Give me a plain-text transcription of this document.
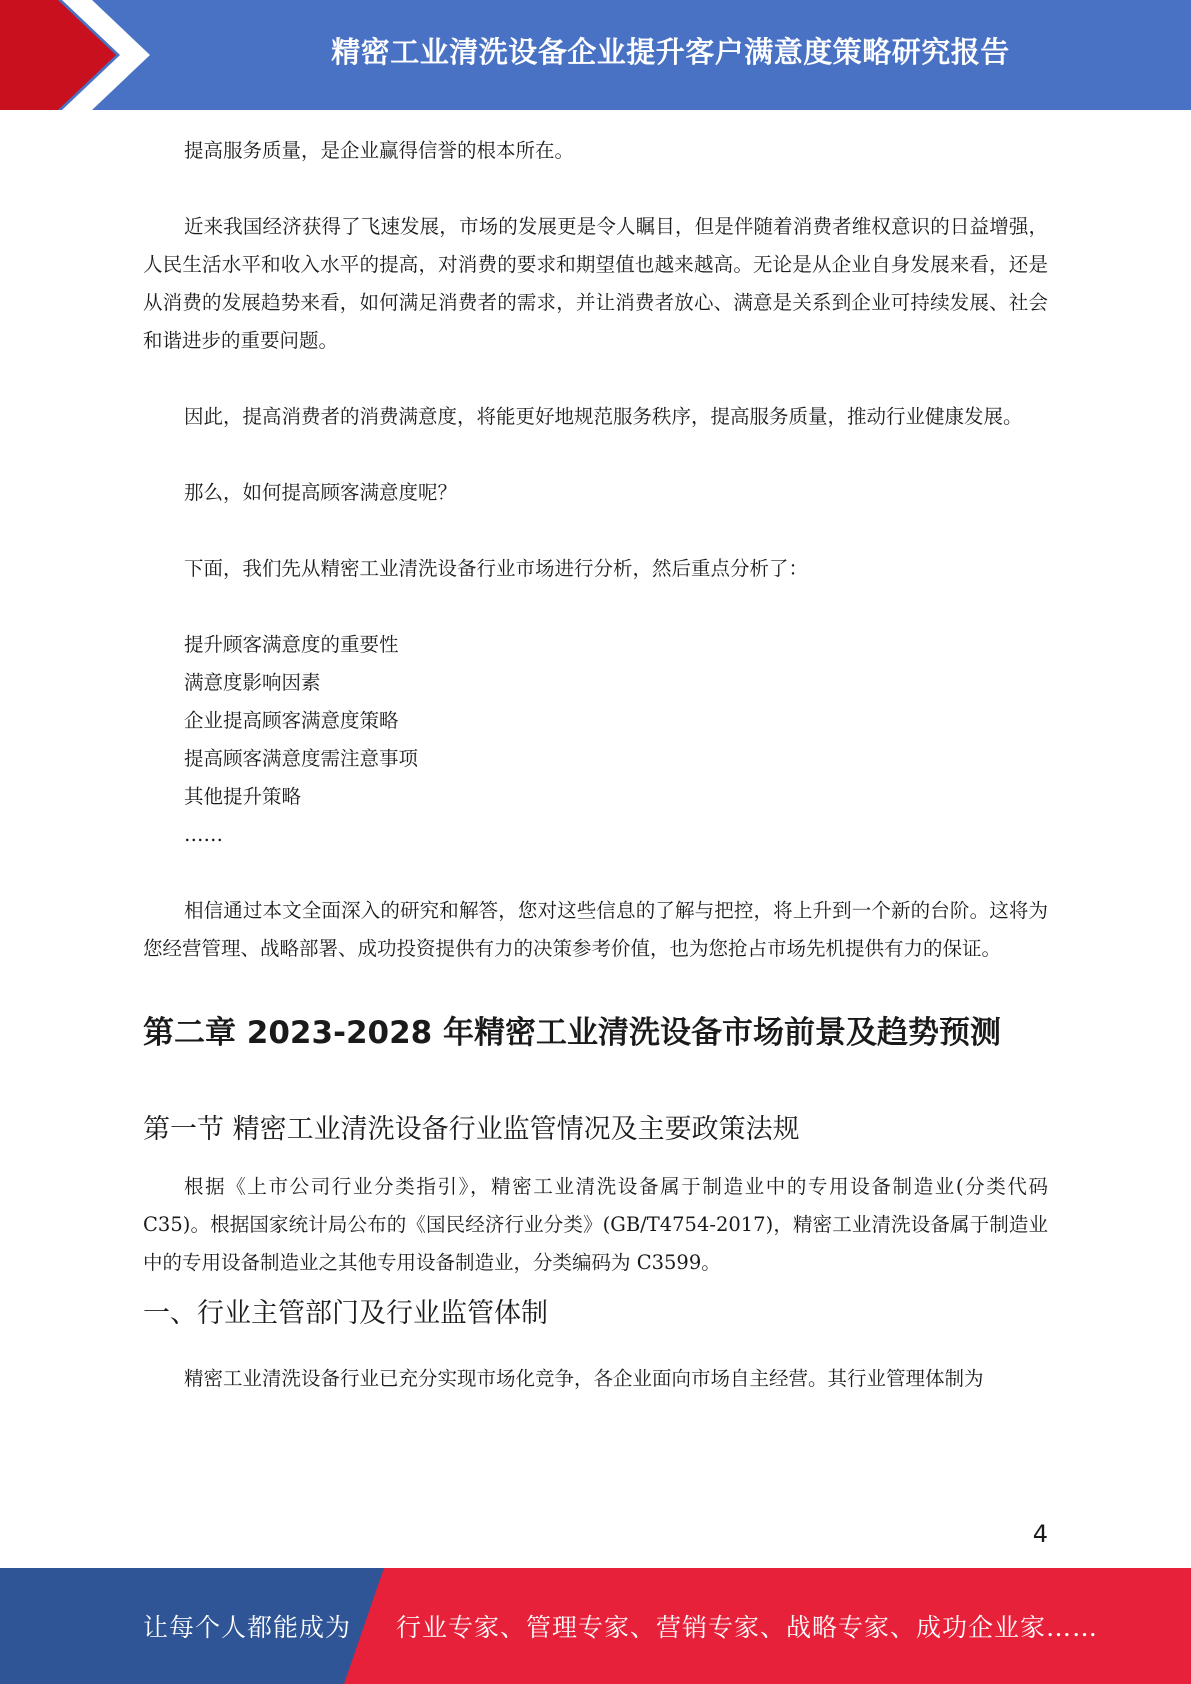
精密工业清洗设备企业提升客户满意度策略研究报告

提高服务质量，是企业赢得信誉的根本所在。

近来我国经济获得了飞速发展，市场的发展更是令人瞩目，但是伴随着消费者维权意识的日益增强，人民生活水平和收入水平的提高，对消费的要求和期望值也越来越高。无论是从企业自身发展来看，还是从消费的发展趋势来看，如何满足消费者的需求，并让消费者放心、满意是关系到企业可持续发展、社会和谐进步的重要问题。

因此，提高消费者的消费满意度，将能更好地规范服务秩序，提高服务质量，推动行业健康发展。

那么，如何提高顾客满意度呢？

下面，我们先从精密工业清洗设备行业市场进行分析，然后重点分析了：

提升顾客满意度的重要性

满意度影响因素

企业提高顾客满意度策略

提高顾客满意度需注意事项

其他提升策略

……

相信通过本文全面深入的研究和解答，您对这些信息的了解与把控，将上升到一个新的台阶。这将为您经营管理、战略部署、成功投资提供有力的决策参考价值，也为您抢占市场先机提供有力的保证。

第二章 2023-2028 年精密工业清洗设备市场前景及趋势预测
第一节 精密工业清洗设备行业监管情况及主要政策法规

根据《上市公司行业分类指引》，精密工业清洗设备属于制造业中的专用设备制造业(分类代码 C35)。根据国家统计局公布的《国民经济行业分类》(GB/T4754-2017)，精密工业清洗设备属于制造业中的专用设备制造业之其他专用设备制造业，分类编码为 C3599。

一、行业主管部门及行业监管体制

精密工业清洗设备行业已充分实现市场化竞争，各企业面向市场自主经营。其行业管理体制为

4
让每个人都能成为 行业专家、管理专家、营销专家、战略专家、成功企业家……
